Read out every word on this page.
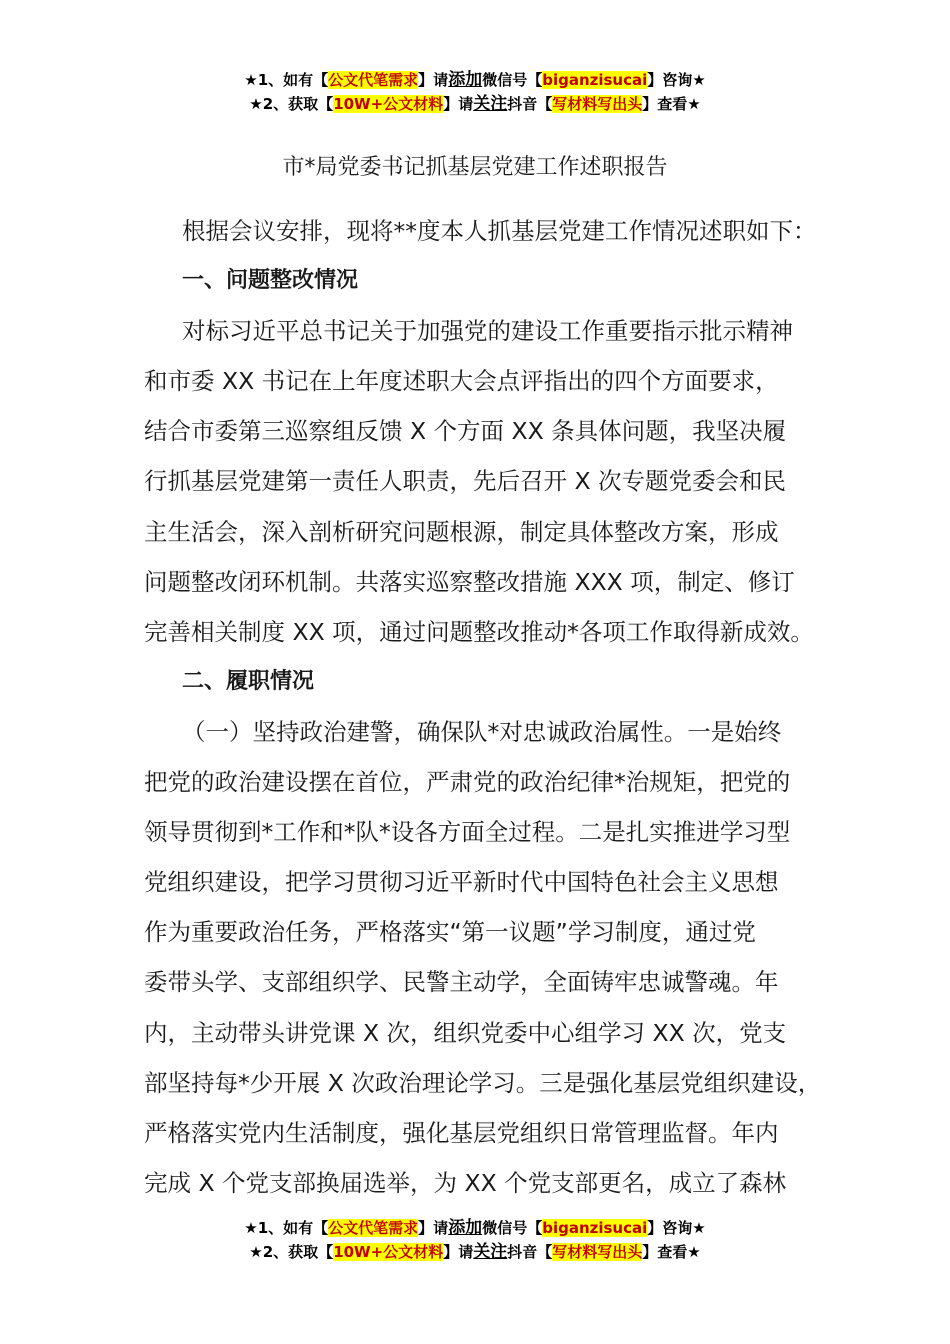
★1、如有【公文代笔需求】请添加微信号【biganzisucai】咨询★
★2、获取【10W+公文材料】请关注抖音【写材料写出头】查看★
市*局党委书记抓基层党建工作述职报告
根据会议安排，现将**度本人抓基层党建工作情况述职如下：
一、问题整改情况
对标习近平总书记关于加强党的建设工作重要指示批示精神
和市委 XX 书记在上年度述职大会点评指出的四个方面要求，
结合市委第三巡察组反馈 X 个方面 XX 条具体问题，我坚决履
行抓基层党建第一责任人职责，先后召开 X 次专题党委会和民
主生活会，深入剖析研究问题根源，制定具体整改方案，形成
问题整改闭环机制。共落实巡察整改措施 XXX 项，制定、修订
完善相关制度 XX 项，通过问题整改推动*各项工作取得新成效。
二、履职情况
（一）坚持政治建警，确保队*对忠诚政治属性。一是始终
把党的政治建设摆在首位，严肃党的政治纪律*治规矩，把党的
领导贯彻到*工作和*队*设各方面全过程。二是扎实推进学习型
党组织建设，把学习贯彻习近平新时代中国特色社会主义思想
作为重要政治任务，严格落实“第一议题”学习制度，通过党
委带头学、支部组织学、民警主动学，全面铸牢忠诚警魂。年
内，主动带头讲党课 X 次，组织党委中心组学习 XX 次，党支
部坚持每*少开展 X 次政治理论学习。三是强化基层党组织建设，
严格落实党内生活制度，强化基层党组织日常管理监督。年内
完成 X 个党支部换届选举，为 XX 个党支部更名，成立了森林
★1、如有【公文代笔需求】请添加微信号【biganzisucai】咨询★
★2、获取【10W+公文材料】请关注抖音【写材料写出头】查看★
